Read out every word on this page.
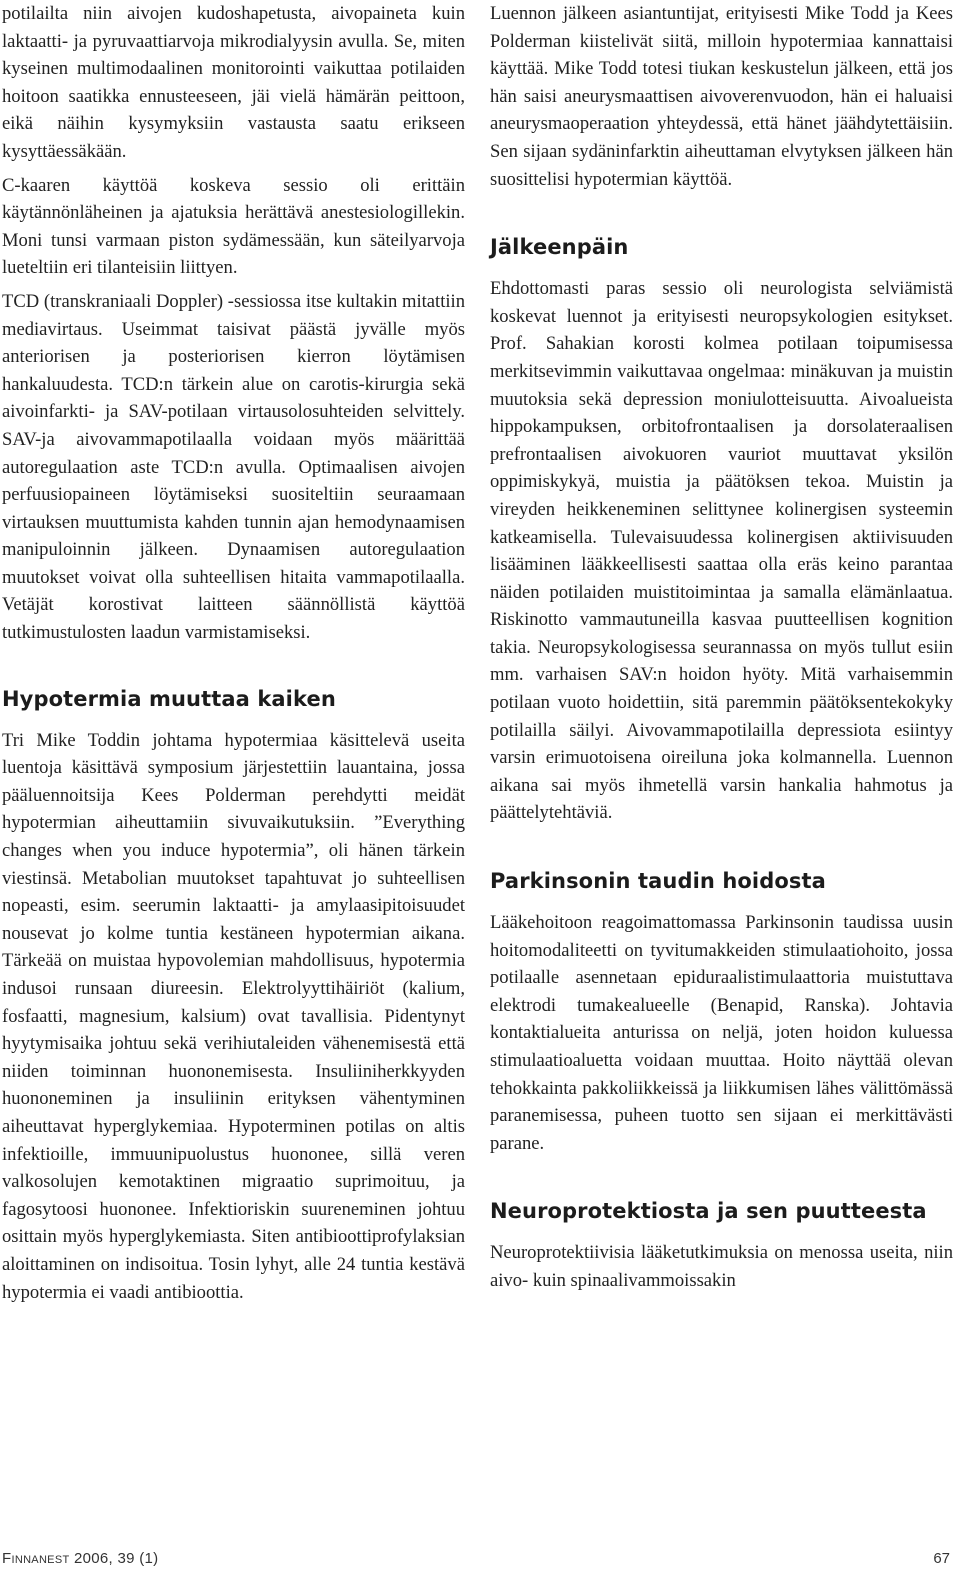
potilailta niin aivojen kudoshapetusta, aivopaineta kuin laktaatti- ja pyruvaattiarvoja mikrodialyysin avulla. Se, miten kyseinen multimodaalinen monitorointi vaikuttaa potilaiden hoitoon saatikka ennusteeseen, jäi vielä hämärän peittoon, eikä näihin kysymyksiin vastausta saatu erikseen kysyttäessäkään.

C-kaaren käyttöä koskeva sessio oli erittäin käytännönläheinen ja ajatuksia herättävä anestesiologillekin. Moni tunsi varmaan piston sydämessään, kun säteilyarvoja lueteltiin eri tilanteisiin liittyen.

TCD (transkraniaali Doppler) -sessiossa itse kultakin mitattiin mediavirtaus. Useimmat taisivat päästä jyvälle myös anteriorisen ja posteriorisen kierron löytämisen hankaluudesta. TCD:n tärkein alue on carotis-kirurgia sekä aivoinfarkti- ja SAV-potilaan virtausolosuhteiden selvittely. SAV-ja aivovammapotilaalla voidaan myös määrittää autoregulaation aste TCD:n avulla. Optimaalisen aivojen perfuusiopaineen löytämiseksi suositeltiin seuraamaan virtauksen muuttumista kahden tunnin ajan hemodynaamisen manipuloinnin jälkeen. Dynaamisen autoregulaation muutokset voivat olla suhteellisen hitaita vammapotilaalla. Vetäjät korostivat laitteen säännöllistä käyttöä tutkimustulosten laadun varmistamiseksi.

Hypotermia muuttaa kaiken

Tri Mike Toddin johtama hypotermiaa käsittelevä useita luentoja käsittävä symposium järjestettiin lauantaina, jossa pääluennoitsija Kees Polderman perehdytti meidät hypotermian aiheuttamiin sivuvaikutuksiin. ”Everything changes when you induce hypotermia”, oli hänen tärkein viestinsä. Metabolian muutokset tapahtuvat jo suhteellisen nopeasti, esim. seerumin laktaatti- ja amylaasipitoisuudet nousevat jo kolme tuntia kestäneen hypotermian aikana. Tärkeää on muistaa hypovolemian mahdollisuus, hypotermia indusoi runsaan diureesin. Elektrolyyttihäiriöt (kalium, fosfaatti, magnesium, kalsium) ovat tavallisia. Pidentynyt hyytymisaika johtuu sekä verihiutaleiden vähenemisestä että niiden toiminnan huononemisesta. Insuliiniherkkyyden huononeminen ja insuliinin erityksen vähentyminen aiheuttavat hyperglykemiaa. Hypoterminen potilas on altis infektioille, immuunipuolustus huononee, sillä veren valkosolujen kemotaktinen migraatio suprimoituu, ja fagosytoosi huononee. Infektioriskin suureneminen johtuu osittain myös hyperglykemiasta. Siten antibioottiprofylaksian aloittaminen on indisoitua. Tosin lyhyt, alle 24 tuntia kestävä hypotermia ei vaadi antibioottia.

Luennon jälkeen asiantuntijat, erityisesti Mike Todd ja Kees Polderman kiistelivät siitä, milloin hypotermiaa kannattaisi käyttää. Mike Todd totesi tiukan keskustelun jälkeen, että jos hän saisi aneurysmaattisen aivoverenvuodon, hän ei haluaisi aneurysmaoperaation yhteydessä, että hänet jäähdytettäisiin. Sen sijaan sydäninfarktin aiheuttaman elvytyksen jälkeen hän suosittelisi hypotermian käyttöä.

Jälkeenpäin

Ehdottomasti paras sessio oli neurologista selviämistä koskevat luennot ja erityisesti neuropsykologien esitykset. Prof. Sahakian korosti kolmea potilaan toipumisessa merkitsevimmin vaikuttavaa ongelmaa: minäkuvan ja muistin muutoksia sekä depression moniulotteisuutta. Aivoalueista hippokampuksen, orbitofrontaalisen ja dorsolateraalisen prefrontaalisen aivokuoren vauriot muuttavat yksilön oppimiskykyä, muistia ja päätöksen tekoa. Muistin ja vireyden heikkeneminen selittynee kolinergisen systeemin katkeamisella. Tulevaisuudessa kolinergisen aktiivisuuden lisääminen lääkkeellisesti saattaa olla eräs keino parantaa näiden potilaiden muistitoimintaa ja samalla elämänlaatua. Riskinotto vammautuneilla kasvaa puutteellisen kognition takia. Neuropsykologisessa seurannassa on myös tullut esiin mm. varhaisen SAV:n hoidon hyöty. Mitä varhaisemmin potilaan vuoto hoidettiin, sitä paremmin päätöksentekokyky potilailla säilyi. Aivovammapotilailla depressiota esiintyy varsin erimuotoisena oireiluna joka kolmannella. Luennon aikana sai myös ihmetellä varsin hankalia hahmotus ja päättelytehtäviä.

Parkinsonin taudin hoidosta

Lääkehoitoon reagoimattomassa Parkinsonin taudissa uusin hoitomodaliteetti on tyvitumakkeiden stimulaatiohoito, jossa potilaalle asennetaan epiduraalistimulaattoria muistuttava elektrodi tumakealueelle (Benapid, Ranska). Johtavia kontaktialueita anturissa on neljä, joten hoidon kuluessa stimulaatioaluetta voidaan muuttaa. Hoito näyttää olevan tehokkainta pakkoliikkeissä ja liikkumisen lähes välittömässä paranemisessa, puheen tuotto sen sijaan ei merkittävästi parane.

Neuroprotektiosta ja sen puutteesta

Neuroprotektiivisia lääketutkimuksia on menossa useita, niin aivo- kuin spinaalivammoissakin

Finnanest 2006, 39 (1)	67
